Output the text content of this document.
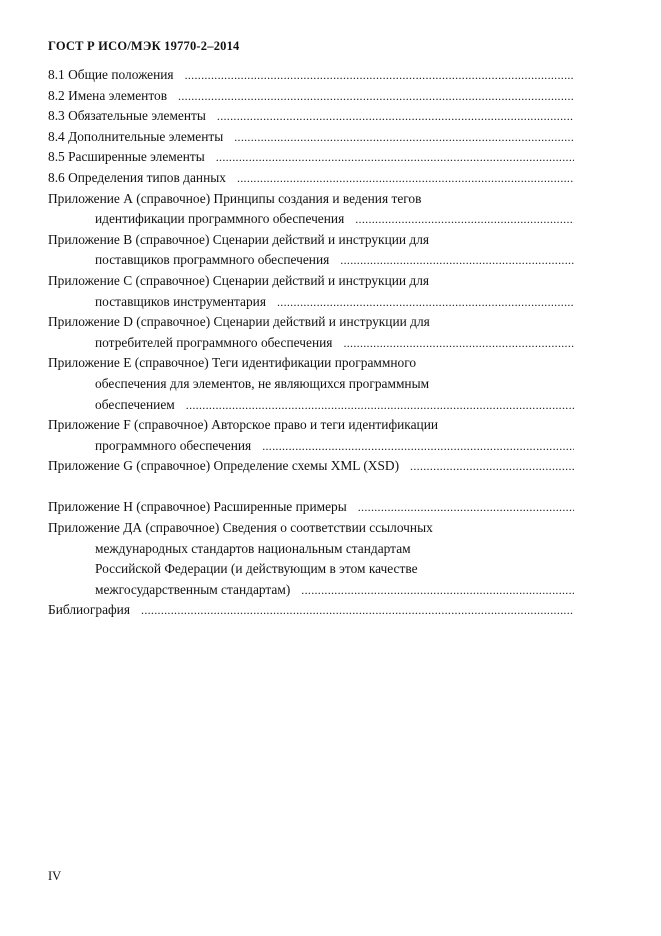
ГОСТ Р ИСО/МЭК 19770-2–2014
8.1 Общие положения
.....
8.2 Имена элементов
.....
8.3 Обязательные элементы
.....
8.4 Дополнительные элементы
.....
8.5 Расширенные элементы
.....
8.6 Определения типов данных
.....
Приложение А (справочное) Принципы создания и ведения тегов
идентификации программного обеспечения
.....
Приложение В (справочное) Сценарии действий и инструкции для
поставщиков программного обеспечения
.....
Приложение С (справочное) Сценарии действий и инструкции для
поставщиков инструментария
.....
Приложение D (справочное) Сценарии действий и инструкции для
потребителей программного обеспечения
.....
Приложение Е (справочное) Теги идентификации программного
обеспечения для элементов, не являющихся программным
обеспечением
.....
Приложение F (справочное) Авторское право и теги идентификации
программного обеспечения
.....
Приложение G (справочное) Определение схемы XML (XSD)
.....
Приложение Н (справочное) Расширенные примеры
.....
Приложение ДА (справочное) Сведения о соответствии ссылочных
международных стандартов национальным стандартам
Российской Федерации (и действующим в этом качестве
межгосударственным стандартам)
.....
Библиография
.....
IV
